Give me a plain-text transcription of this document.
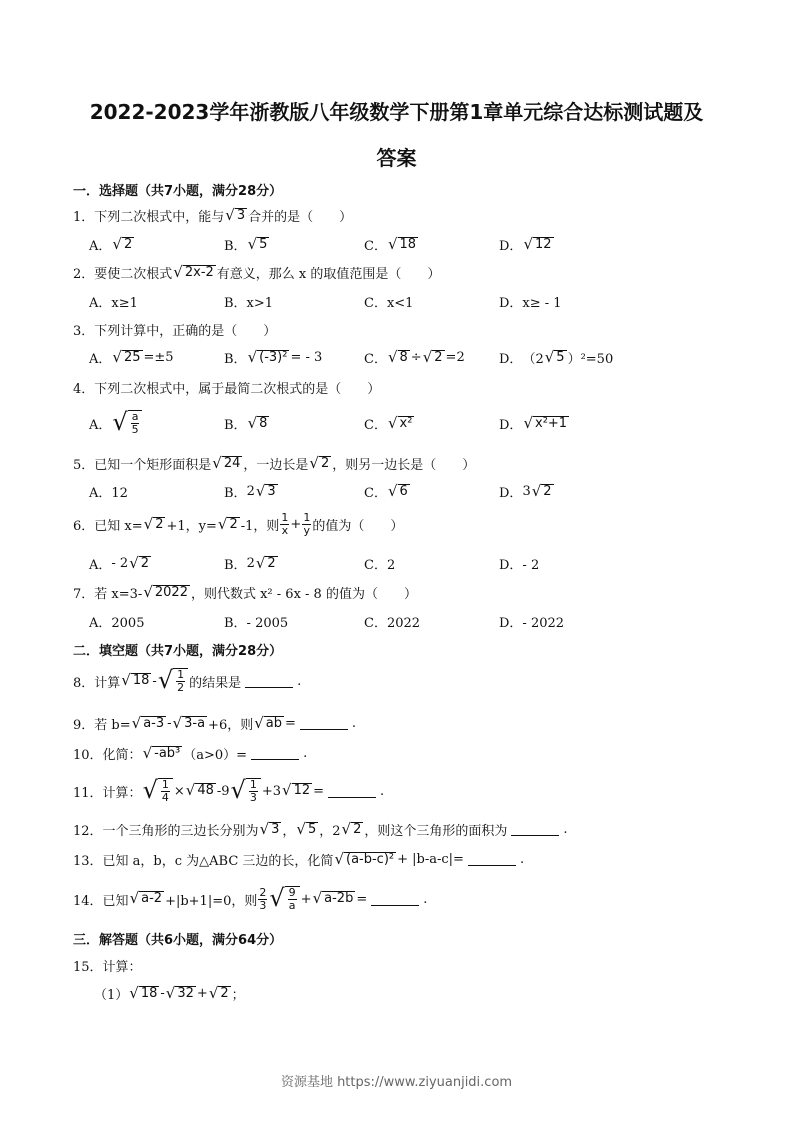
2022-2023学年浙教版八年级数学下册第1章单元综合达标测试题及
答案
一．选择题（共7小题，满分28分）
1． 下列二次根式中，能与 √ 3 合并的是（　　）
A． √ 2	B． √ 5	C． √ 18	D． √ 12
2． 要使二次根式 √ 2x-2 有意义，那么 x 的取值范围是（　　）
A．x≥1	B．x>1	C．x<1	D．x≥ - 1
3． 下列计算中，正确的是（　　）
A． √ 25 =±5	B． √ (-3)² = - 3	C． √ 8 ÷ √ 2 =2	D． （2 √ 5 ）²=50
4． 下列二次根式中，属于最简二次根式的是（　　）
A． √ $\frac{a}{5}$	B． √ 8	C． √ x²	D． √ x²+1
5． 已知一个矩形面积是 √ 24 ，一边长是 √ 2 ，则另一边长是（　　）
A．12	B． 2 √ 3	C． √ 6	D． 3 √ 2
6． 已知 x= √ 2 +1，y= √ 2 -1，则 $\frac{1}{x} + \frac{1}{y}$ 的值为（　　）
A． - 2 √ 2	B． 2 √ 2	C．2	D．- 2
7． 若 x=3- √ 2022 ，则代数式 x² - 6x - 8 的值为（　　）
A．2005	B．- 2005	C．2022	D．- 2022
二．填空题（共7小题，满分28分）
8． 计算 √ 18 - √ $\frac{1}{2}$ 的结果是	.
9． 若 b= √ a-3 - √ 3-a +6，则 √ ab =	.
10． 化简： √ -ab³ （a>0）=	.
11． 计算： √ $\frac{1}{4}$ × √ 48 -9 √ $\frac{1}{3} +3$ √ 12 =	.
12． 一个三角形的三边长分别为 √ 3 ， √ 5 ，2 √ 2 ，则这个三角形的面积为	.
13． 已知 a，b，c 为△ABC 三边的长，化简 √ (a-b-c)² + |b-a-c|=	.
14． 已知 √ a-2 +|b+1|=0，则 $\frac{2}{3}$ √ $\frac{9}{a}$ + √ a-2b =	.
三．解答题（共6小题，满分64分）
15． 计算：
（1） √ 18 - √ 32 + √ 2 ；
资源基地 https://www.ziyuanjidi.com
